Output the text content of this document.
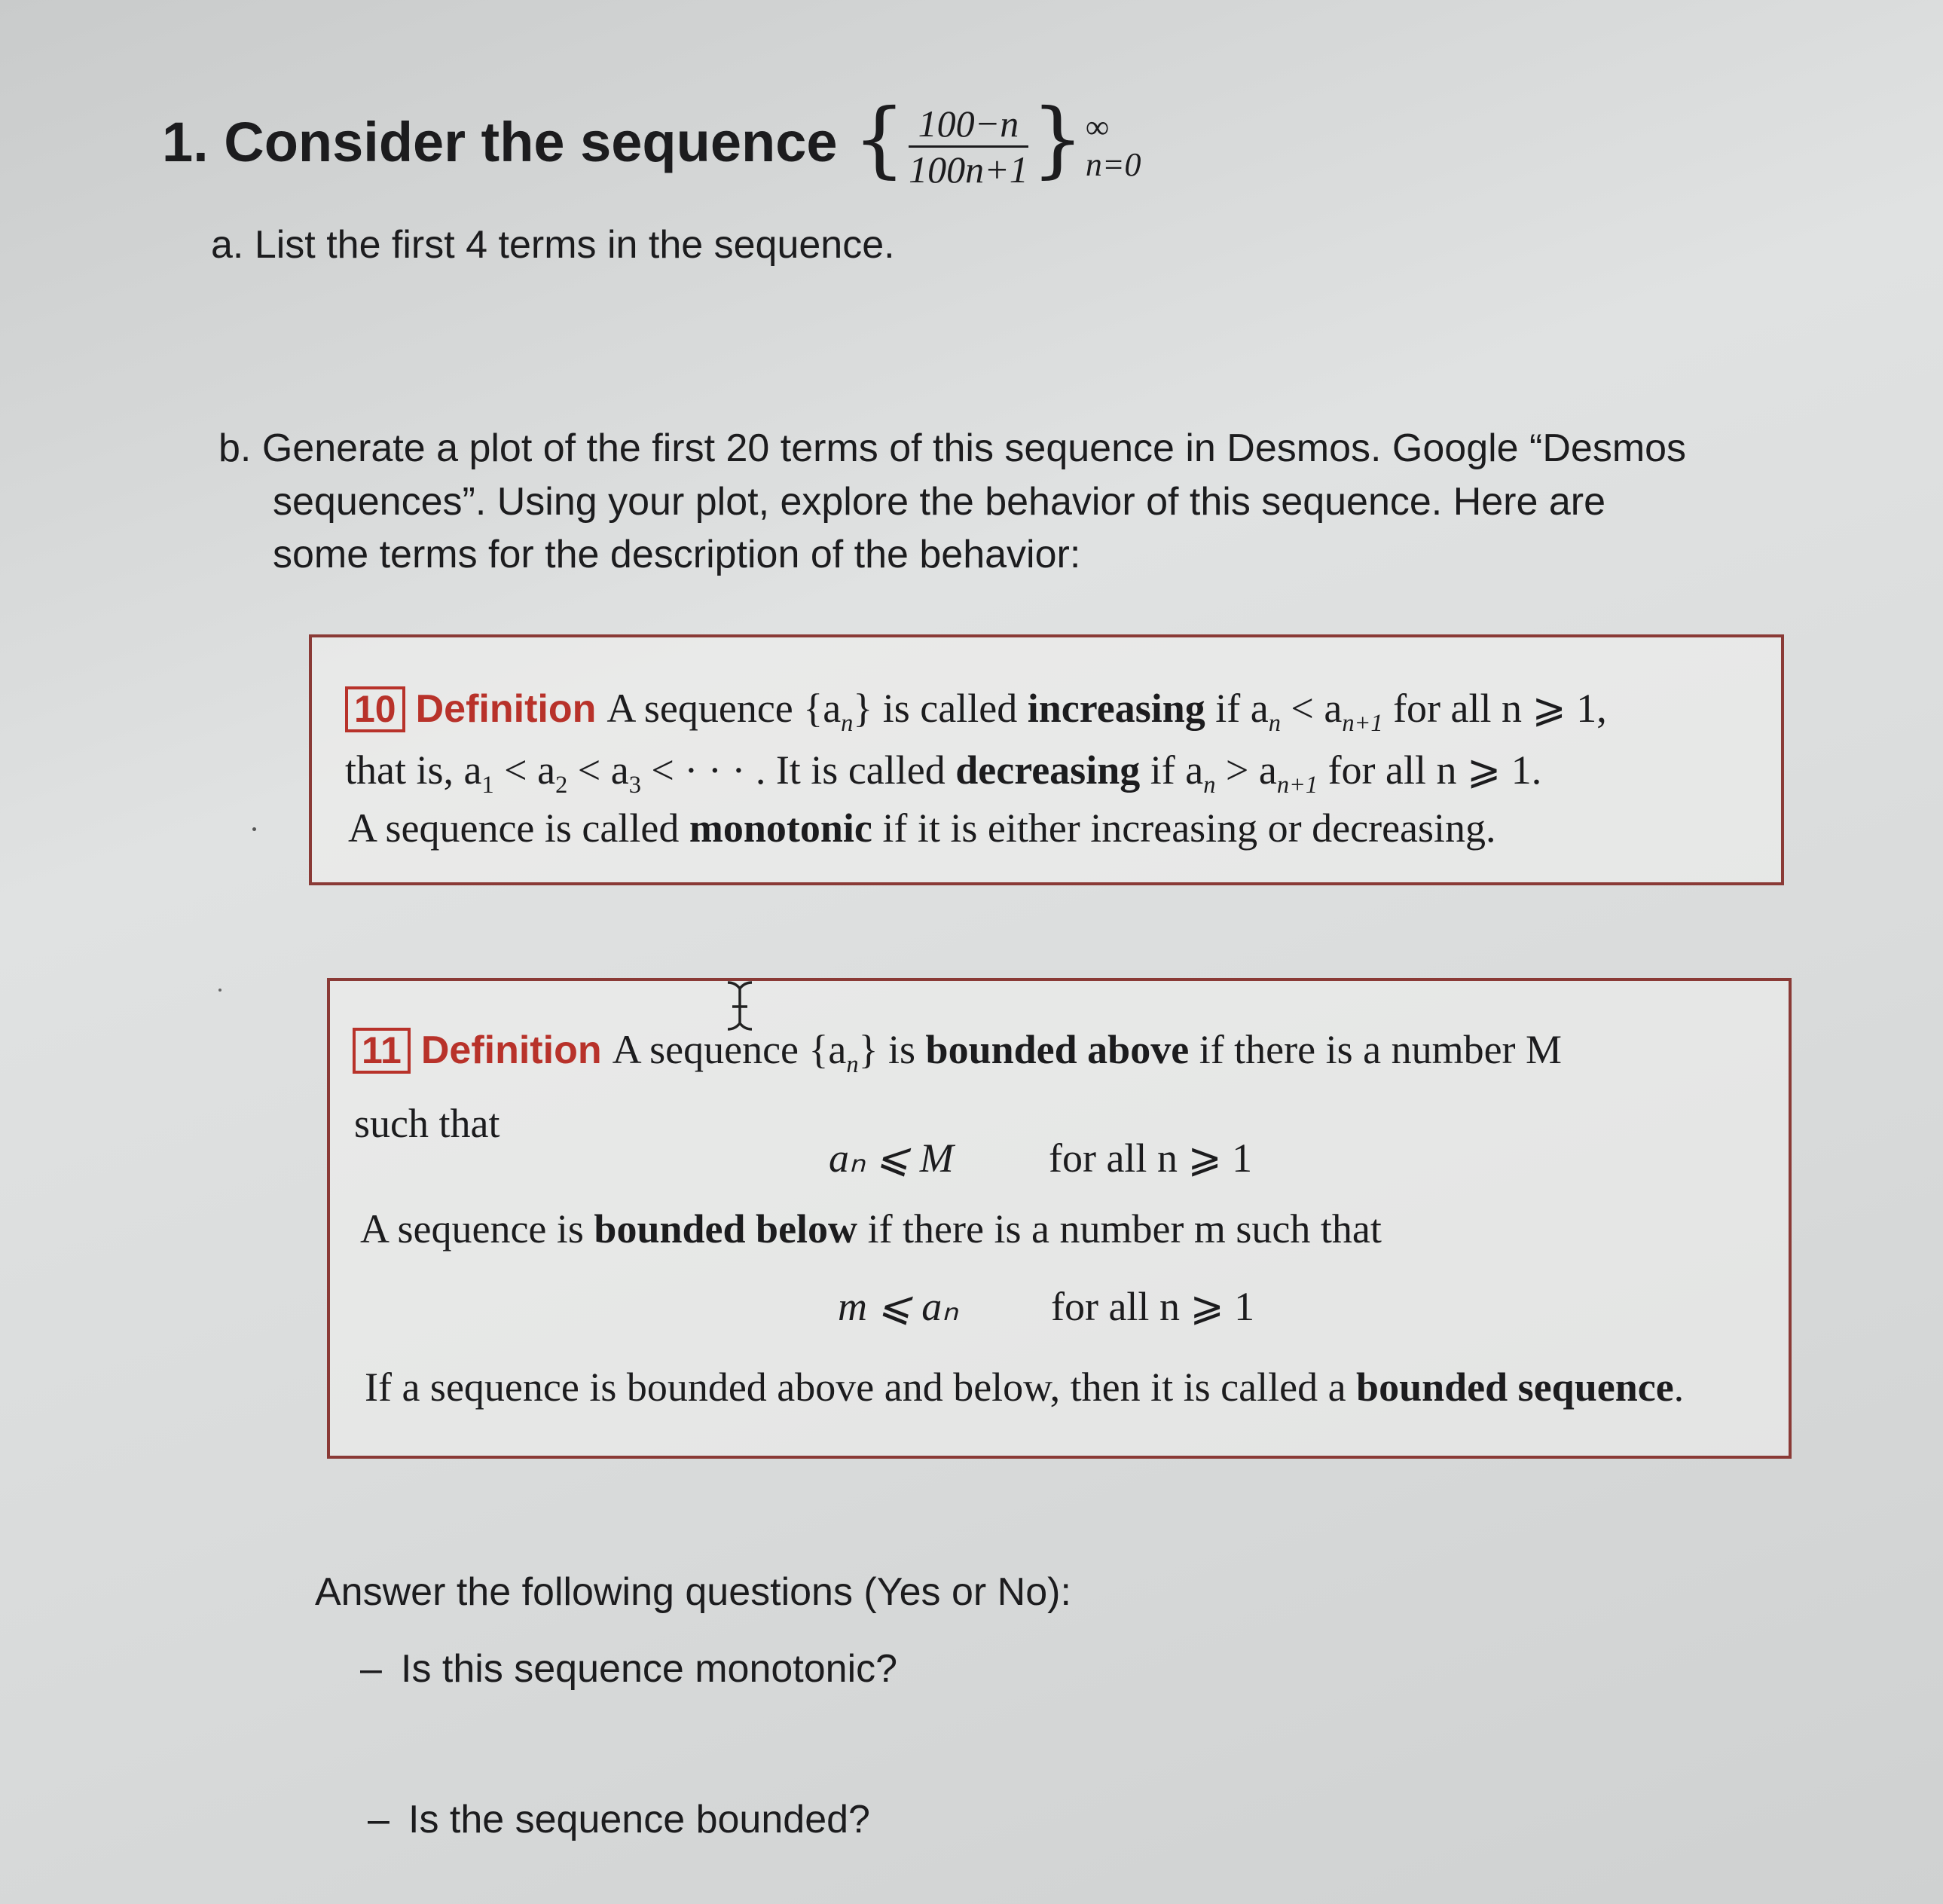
1. Consider the sequence { $\frac{100-n}{100n+1}$ } ∞
n=0
a. List the first 4 terms in the sequence.
b. Generate a plot of the first 20 terms of this sequence in Desmos. Google “Desmos
sequences”. Using your plot, explore the behavior of this sequence. Here are
some terms for the description of the behavior:
10 Definition A sequence $\{a_n\}$ is called increasing if $a_n < a_{n+1}$ for all n ⩾ 1,
that is, $a_1 < a_2 < a_3$ < · · · . It is called decreasing if $a_n > a_{n+1}$ for all n ⩾ 1.
A sequence is called monotonic if it is either increasing or decreasing.
11 Definition A sequence $\{a_n\}$ is bounded above if there is a number M
such that
aₙ ⩽ M for all n ⩾ 1
A sequence is bounded below if there is a number m such that
m ⩽ aₙ for all n ⩾ 1
If a sequence is bounded above and below, then it is called a bounded sequence.
Answer the following questions (Yes or No):
– Is this sequence monotonic?
– Is the sequence bounded?
